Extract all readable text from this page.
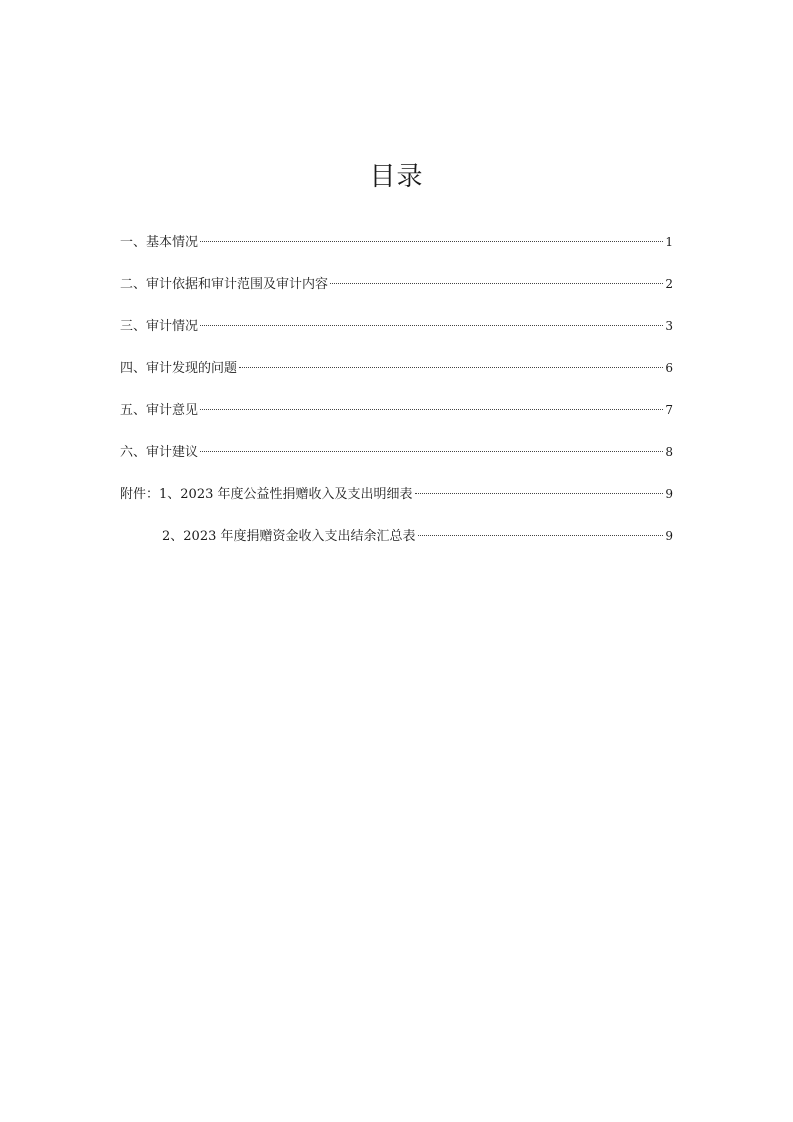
目录
一、基本情况	1
二、审计依据和审计范围及审计内容	2
三、审计情况	3
四、审计发现的问题	6
五、审计意见	7
六、审计建议	8
附件：1、2023 年度公益性捐赠收入及支出明细表	9
2、2023 年度捐赠资金收入支出结余汇总表	9
